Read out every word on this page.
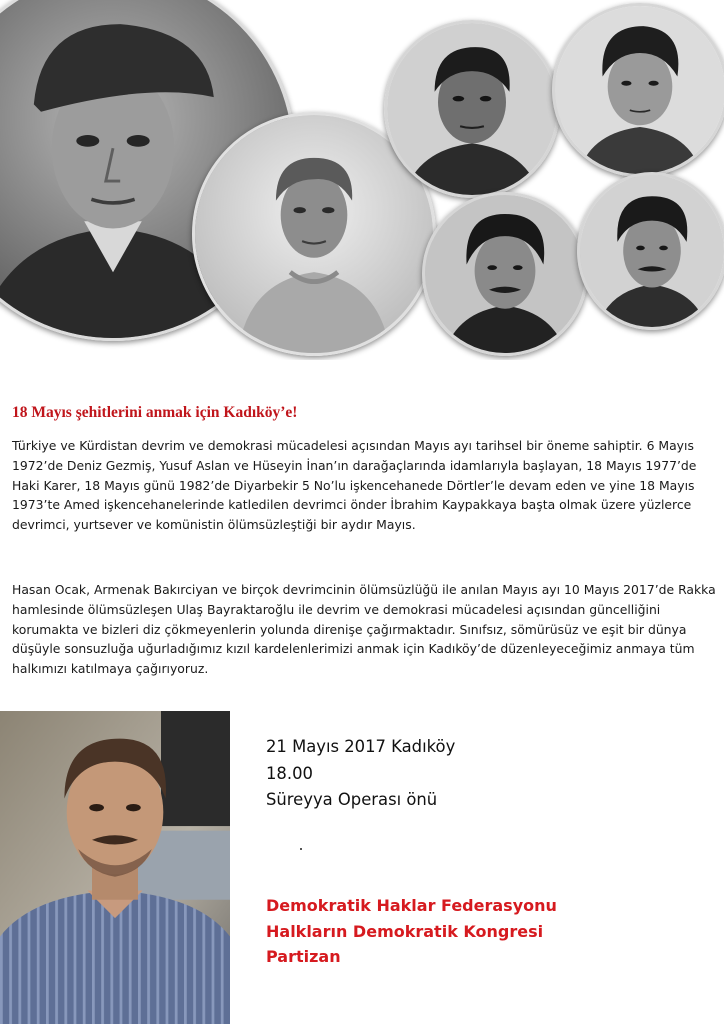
18 Mayıs şehitlerini anmak için Kadıköy’e!

Türkiye ve Kürdistan devrim ve demokrasi mücadelesi açısından Mayıs ayı tarihsel bir öneme sahiptir. 6 Mayıs 1972’de Deniz Gezmiş, Yusuf Aslan ve Hüseyin İnan’ın darağaçlarında idamlarıyla başlayan, 18 Mayıs 1977’de Haki Karer, 18 Mayıs günü 1982’de Diyarbekir 5 No’lu işkencehanede Dörtler’le devam eden ve yine 18 Mayıs 1973’te Amed işkencehanelerinde katledilen devrimci önder İbrahim Kaypakkaya başta olmak üzere yüzlerce devrimci, yurtsever ve komünistin ölümsüzleştiği bir aydır Mayıs.

Hasan Ocak, Armenak Bakırciyan ve birçok devrimcinin ölümsüzlüğü ile anılan Mayıs ayı 10 Mayıs 2017’de Rakka hamlesinde ölümsüzleşen Ulaş Bayraktaroğlu ile devrim ve demokrasi mücadelesi açısından güncelliğini korumakta ve bizleri diz çökmeyenlerin yolunda direnişe çağırmaktadır. Sınıfsız, sömürüsüz ve eşit bir dünya düşüyle sonsuzluğa uğurladığımız kızıl kardelenlerimizi anmak için Kadıköy’de düzenleyeceğimiz anmaya tüm halkımızı katılmaya çağırıyoruz.

21 Mayıs 2017 Kadıköy
18.00
Süreyya Operası önü
Demokratik Haklar Federasyonu
Halkların Demokratik Kongresi
Partizan
